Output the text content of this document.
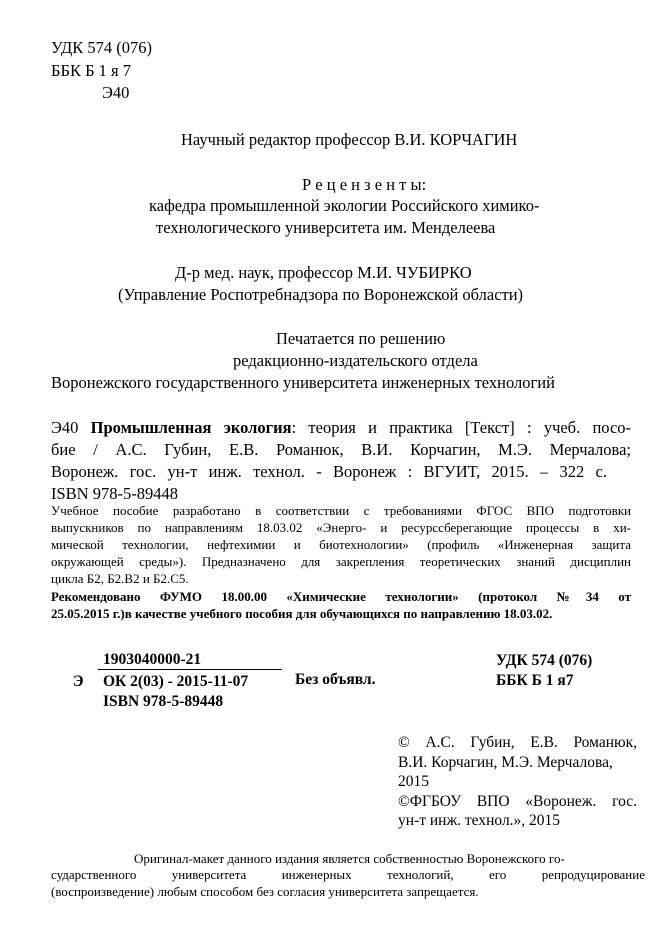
УДК 574 (076)
ББК Б 1 я 7
Э40
Научный редактор профессор В.И. КОРЧАГИН
Р е ц е н з е н т ы:
кафедра промышленной экологии Российского химико-
технологического университета им. Менделеева
Д-р мед. наук, профессор М.И. ЧУБИРКО
(Управление Роспотребнадзора по Воронежской области)
Печатается по решению
редакционно-издательского отдела
Воронежского государственного университета инженерных технологий
Э40 Промышленная экология: теория и практика [Текст] : учеб. посо-
бие / А.С. Губин, Е.В. Романюк, В.И. Корчагин, М.Э. Мерчалова;
Воронеж. гос. ун-т инж. технол. - Воронеж : ВГУИТ, 2015. – 322 с.
ISBN 978-5-89448
Учебное пособие разработано в соответствии с требованиями ФГОС ВПО подготовки
выпускников по направлениям 18.03.02 «Энерго- и ресурссберегающие процессы в хи-
мической технологии, нефтехимии и биотехнологии» (профиль «Инженерная защита
окружающей среды»). Предназначено для закрепления теоретических знаний дисциплин
цикла Б2, Б2.В2 и Б2.С5.
Рекомендовано ФУМО 18.00.00 «Химические технологии» (протокол №34 от
25.05.2015 г.)в качестве учебного пособия для обучающихся по направлению 18.03.02.
1903040000-21
Э ОК 2(03) - 2015-11-07
ISBN 978-5-89448
Без объявл.
УДК 574 (076)
ББК Б 1 я7
© А.С. Губин, Е.В. Романюк,
В.И. Корчагин, М.Э. Мерчалова,
2015
©ФГБОУ ВПО «Воронеж. гос.
ун-т инж. технол.», 2015
Оригинал-макет данного издания является собственностью Воронежского го-
сударственного университета инженерных технологий, его репродуцирование
(воспроизведение) любым способом без согласия университета запрещается.
